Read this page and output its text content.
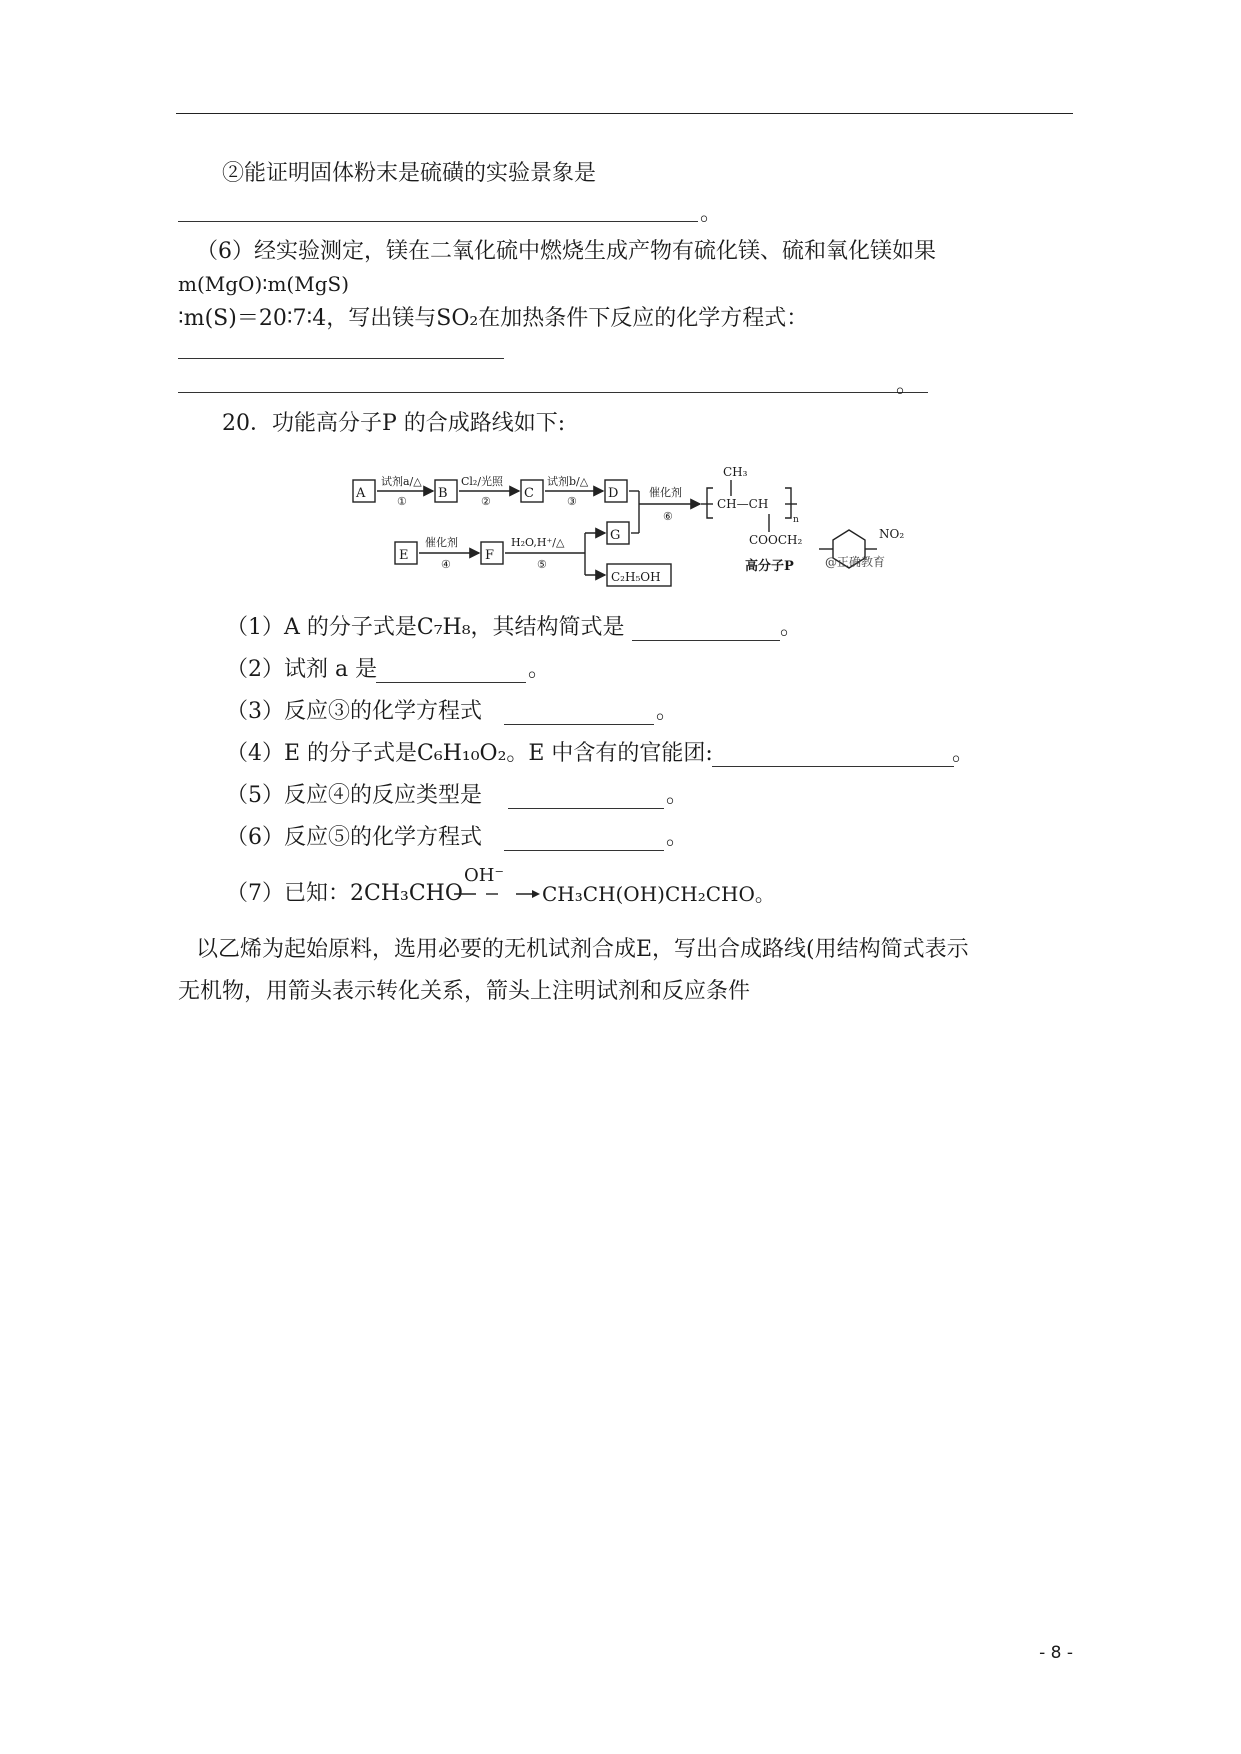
②能证明固体粉末是硫磺的实验景象是
。
（6）经实验测定，镁在二氧化硫中燃烧生成产物有硫化镁、硫和氧化镁如果
m(MgO)∶m(MgS)
∶m(S)＝20∶7∶4，写出镁与SO₂在加热条件下反应的化学方程式：
。
20．功能高分子P 的合成路线如下:
A	B	C	D
E	F
G
C₂H₅OH
试剂a/△
①
Cl₂/光照
②
试剂b/△
③
催化剂
⑥
催化剂
④
H₂O,H⁺/△
⑤
CH₃
CH—CH
n
COOCH₂	NO₂
高分子P	@正确教育
（1）A 的分子式是C₇H₈，其结构简式是	。
（2）试剂 a 是	。
（3）反应③的化学方程式	。
（4）E 的分子式是C₆H₁₀O₂。E 中含有的官能团:	。
（5）反应④的反应类型是	。
（6）反应⑤的化学方程式	。
（7）已知：2CH₃CHO
OH⁻
CH₃CH(OH)CH₂CHO。
以乙烯为起始原料，选用必要的无机试剂合成E，写出合成路线(用结构简式表示
无机物，用箭头表示转化关系，箭头上注明试剂和反应条件
- 8 -
